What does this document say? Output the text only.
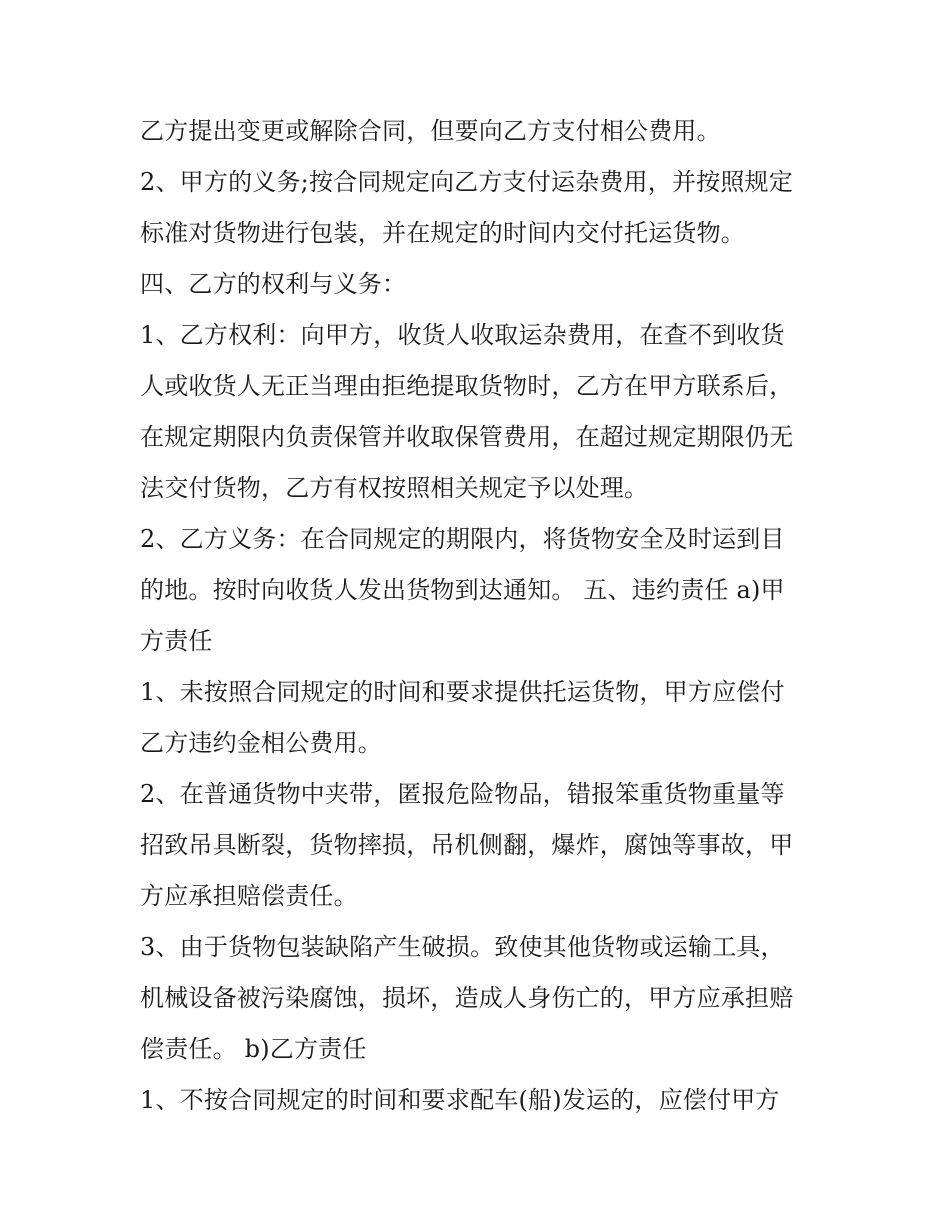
乙方提出变更或解除合同，但要向乙方支付相公费用。
2、甲方的义务;按合同规定向乙方支付运杂费用，并按照规定
标准对货物进行包装，并在规定的时间内交付托运货物。
四、乙方的权利与义务：
1、乙方权利：向甲方，收货人收取运杂费用，在查不到收货
人或收货人无正当理由拒绝提取货物时，乙方在甲方联系后，
在规定期限内负责保管并收取保管费用，在超过规定期限仍无
法交付货物，乙方有权按照相关规定予以处理。
2、乙方义务：在合同规定的期限内，将货物安全及时运到目
的地。按时向收货人发出货物到达通知。 五、违约责任 a)甲
方责任
1、未按照合同规定的时间和要求提供托运货物，甲方应偿付
乙方违约金相公费用。
2、在普通货物中夹带，匿报危险物品，错报笨重货物重量等
招致吊具断裂，货物摔损，吊机侧翻，爆炸，腐蚀等事故，甲
方应承担赔偿责任。
3、由于货物包装缺陷产生破损。致使其他货物或运输工具，
机械设备被污染腐蚀，损坏，造成人身伤亡的，甲方应承担赔
偿责任。 b)乙方责任
1、不按合同规定的时间和要求配车(船)发运的，应偿付甲方
